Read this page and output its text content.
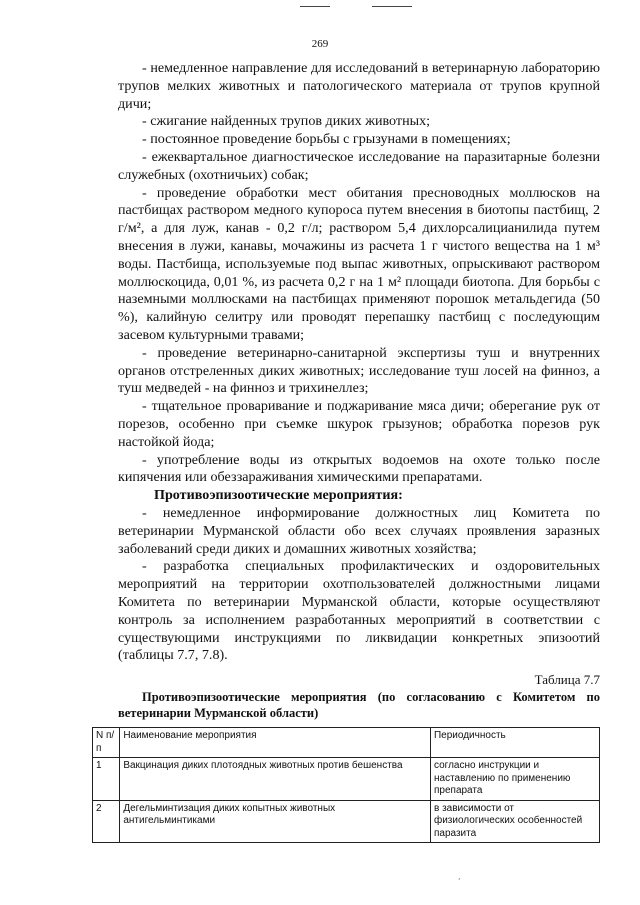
269

- немедленное направление для исследований в ветеринарную лабораторию трупов мелких животных и патологического материала от трупов крупной дичи;

- сжигание найденных трупов диких животных;

- постоянное проведение борьбы с грызунами в помещениях;

- ежеквартальное диагностическое исследование на паразитарные болезни служебных (охотничьих) собак;

- проведение обработки мест обитания пресноводных моллюсков на пастбищах раствором медного купороса путем внесения в биотопы пастбищ, 2 г/м², а для луж, канав - 0,2 г/л; раствором 5,4 дихлорсалицианилида путем внесения в лужи, канавы, мочажины из расчета 1 г чистого вещества на 1 м³ воды. Пастбища, используемые под выпас животных, опрыскивают раствором моллюскоцида, 0,01 %, из расчета 0,2 г на 1 м² площади биотопа. Для борьбы с наземными моллюсками на пастбищах применяют порошок метальдегида (50 %), калийную селитру или проводят перепашку пастбищ с последующим засевом культурными травами;

- проведение ветеринарно-санитарной экспертизы туш и внутренних органов отстреленных диких животных; исследование туш лосей на финноз, а туш медведей - на финноз и трихинеллез;

- тщательное проваривание и поджаривание мяса дичи; оберегание рук от порезов, особенно при съемке шкурок грызунов; обработка порезов рук настойкой йода;

- употребление воды из открытых водоемов на охоте только после кипячения или обеззараживания химическими препаратами.

Противоэпизоотические мероприятия:

- немедленное информирование должностных лиц Комитета по ветеринарии Мурманской области обо всех случаях проявления заразных заболеваний среди диких и домашних животных хозяйства;

- разработка специальных профилактических и оздоровительных мероприятий на территории охотпользователей должностными лицами Комитета по ветеринарии Мурманской области, которые осуществляют контроль за исполнением разработанных мероприятий в соответствии с существующими инструкциями по ликвидации конкретных эпизоотий (таблицы 7.7, 7.8).

Таблица 7.7

Противоэпизоотические мероприятия (по согласованию с Комитетом по ветеринарии Мурманской области)

N п/п	Наименование мероприятия	Периодичность
1	Вакцинация диких плотоядных животных против бешенства	согласно инструкции и наставлению по применению препарата
2	Дегельминтизация диких копытных животных антигельминтиками	в зависимости от физиологических особенностей паразита
,
